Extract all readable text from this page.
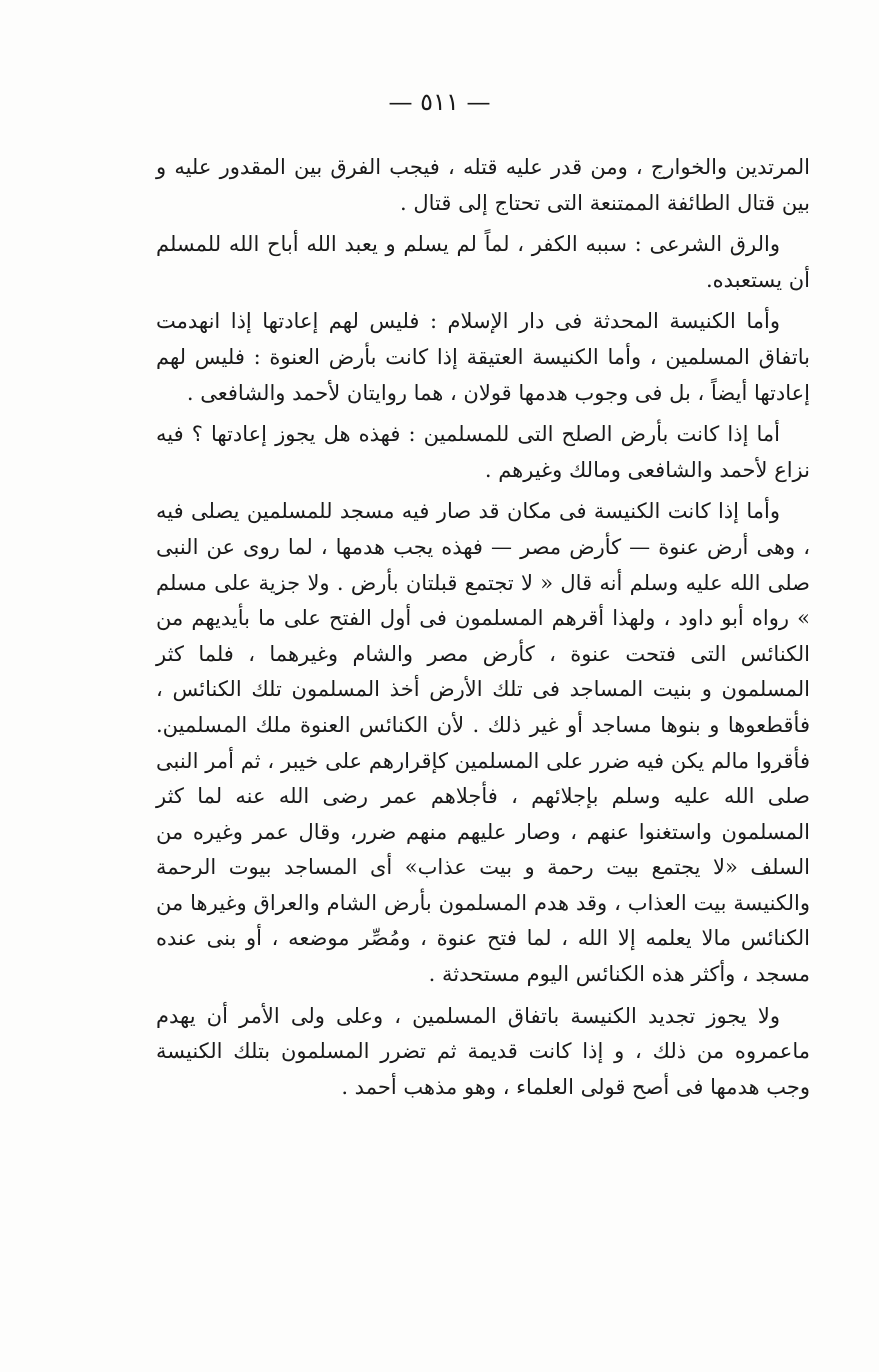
— ٥١١ —

المرتدين والخوارج ، ومن قدر عليه قتله ، فيجب الفرق بين المقدور عليه و بين قتال الطائفة الممتنعة التى تحتاج إلى قتال .

والرق الشرعى : سببه الكفر ، لماً لم يسلم و يعبد الله أباح الله للمسلم أن يستعبده.

وأما الكنيسة المحدثة فى دار الإسلام : فليس لهم إعادتها إذا انهدمت باتفاق المسلمين ، وأما الكنيسة العتيقة إذا كانت بأرض العنوة : فليس لهم إعادتها أيضاً ، بل فى وجوب هدمها قولان ، هما روايتان لأحمد والشافعى .

أما إذا كانت بأرض الصلح التى للمسلمين : فهذه هل يجوز إعادتها ؟ فيه نزاع لأحمد والشافعى ومالك وغيرهم .

وأما إذا كانت الكنيسة فى مكان قد صار فيه مسجد للمسلمين يصلى فيه ، وهى أرض عنوة — كأرض مصر — فهذه يجب هدمها ، لما روى عن النبى صلى الله عليه وسلم أنه قال « لا تجتمع قبلتان بأرض . ولا جزية على مسلم » رواه أبو داود ، ولهذا أقرهم المسلمون فى أول الفتح على ما بأيديهم من الكنائس التى فتحت عنوة ، كأرض مصر والشام وغيرهما ، فلما كثر المسلمون و بنيت المساجد فى تلك الأرض أخذ المسلمون تلك الكنائس ، فأقطعوها و بنوها مساجد أو غير ذلك . لأن الكنائس العنوة ملك المسلمين. فأقروا مالم يكن فيه ضرر على المسلمين كإقرارهم على خيبر ، ثم أمر النبى صلى الله عليه وسلم بإجلائهم ، فأجلاهم عمر رضى الله عنه لما كثر المسلمون واستغنوا عنهم ، وصار عليهم منهم ضرر، وقال عمر وغيره من السلف «لا يجتمع بيت رحمة و بيت عذاب» أى المساجد بيوت الرحمة والكنيسة بيت العذاب ، وقد هدم المسلمون بأرض الشام والعراق وغيرها من الكنائس مالا يعلمه إلا الله ، لما فتح عنوة ، ومُصِّر موضعه ، أو بنى عنده مسجد ، وأكثر هذه الكنائس اليوم مستحدثة .

ولا يجوز تجديد الكنيسة باتفاق المسلمين ، وعلى ولى الأمر أن يهدم ماعمروه من ذلك ، و إذا كانت قديمة ثم تضرر المسلمون بتلك الكنيسة وجب هدمها فى أصح قولى العلماء ، وهو مذهب أحمد .
